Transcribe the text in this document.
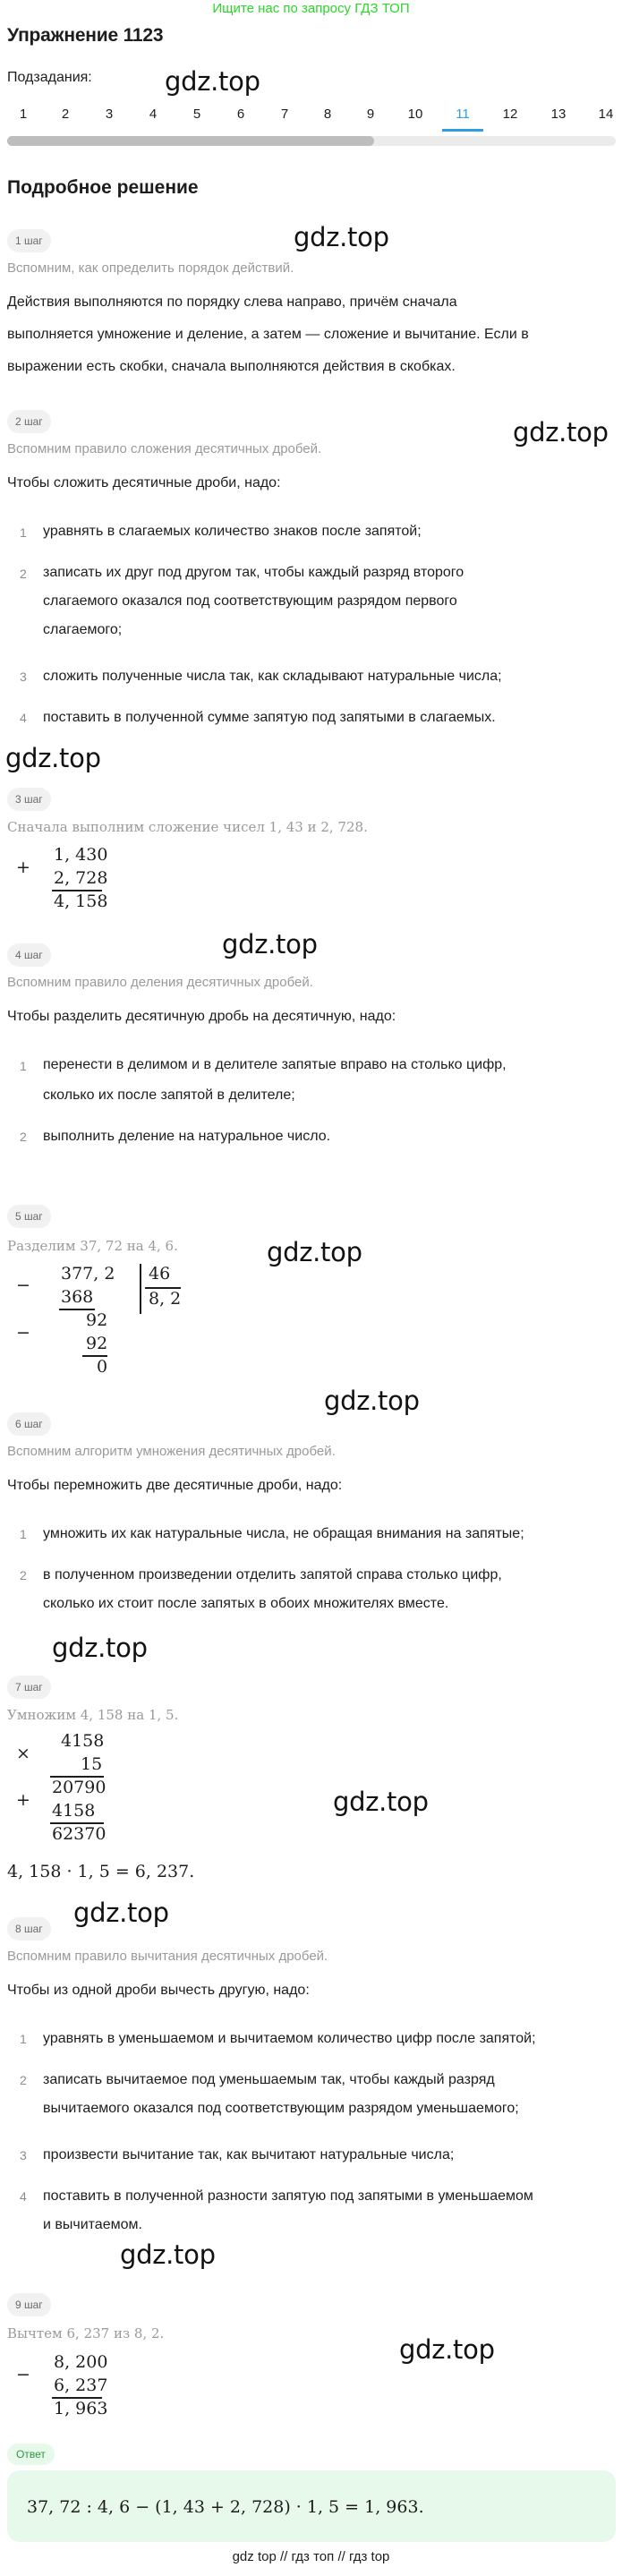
Ищите нас по запросу ГДЗ ТОП
Упражнение 1123
Подзадания:	gdz.top
1	2	3	4	5	6	7	8	9	10	11	12	13	14
Подробное решение
1 шаг	gdz.top
Вспомним, как определить порядок действий.
Действия выполняются по порядку слева направо, причём сначала
выполняется умножение и деление, а затем — сложение и вычитание. Если в
выражении есть скобки, сначала выполняются действия в скобках.
2 шаг	gdz.top
Вспомним правило сложения десятичных дробей.
Чтобы сложить десятичные дроби, надо:
1 уравнять в слагаемых количество знаков после запятой;
2 записать их друг под другом так, чтобы каждый разряд второго
слагаемого оказался под соответствующим разрядом первого
слагаемого;
3 сложить полученные числа так, как складывают натуральные числа;
4 поставить в полученной сумме запятую под запятыми в слагаемых.
gdz.top
3 шаг
Сначала выполним сложение чисел 1, 43 и 2, 728.
+
1, 430
2, 728
4, 158
4 шаг	gdz.top
Вспомним правило деления десятичных дробей.
Чтобы разделить десятичную дробь на десятичную, надо:
1 перенести в делимом и в делителе запятые вправо на столько цифр,
сколько их после запятой в делителе;
2 выполнить деление на натуральное число.
5 шаг
gdz.top
Разделим 37, 72 на 4, 6.
−
377, 2
368
46
8, 2
−
92
92
0
gdz.top
6 шаг
Вспомним алгоритм умножения десятичных дробей.
Чтобы перемножить две десятичные дроби, надо:
1 умножить их как натуральные числа, не обращая внимания на запятые;
2 в полученном произведении отделить запятой справа столько цифр,
сколько их стоит после запятых в обоих множителях вместе.
gdz.top
7 шаг
Умножим 4, 158 на 1, 5.
×
4158
15
+
20790
4158
62370
gdz.top
4, 158 · 1, 5 = 6, 237.
gdz.top
8 шаг
Вспомним правило вычитания десятичных дробей.
Чтобы из одной дроби вычесть другую, надо:
1 уравнять в уменьшаемом и вычитаемом количество цифр после запятой;
2 записать вычитаемое под уменьшаемым так, чтобы каждый разряд
вычитаемого оказался под соответствующим разрядом уменьшаемого;
3 произвести вычитание так, как вычитают натуральные числа;
4 поставить в полученной разности запятую под запятыми в уменьшаемом
и вычитаемом.
gdz.top
9 шаг
Вычтем 6, 237 из 8, 2.
gdz.top
−
8, 200
6, 237
1, 963
Ответ
37, 72 : 4, 6 − (1, 43 + 2, 728) · 1, 5 = 1, 963.
gdz top // гдз топ // гдз top
